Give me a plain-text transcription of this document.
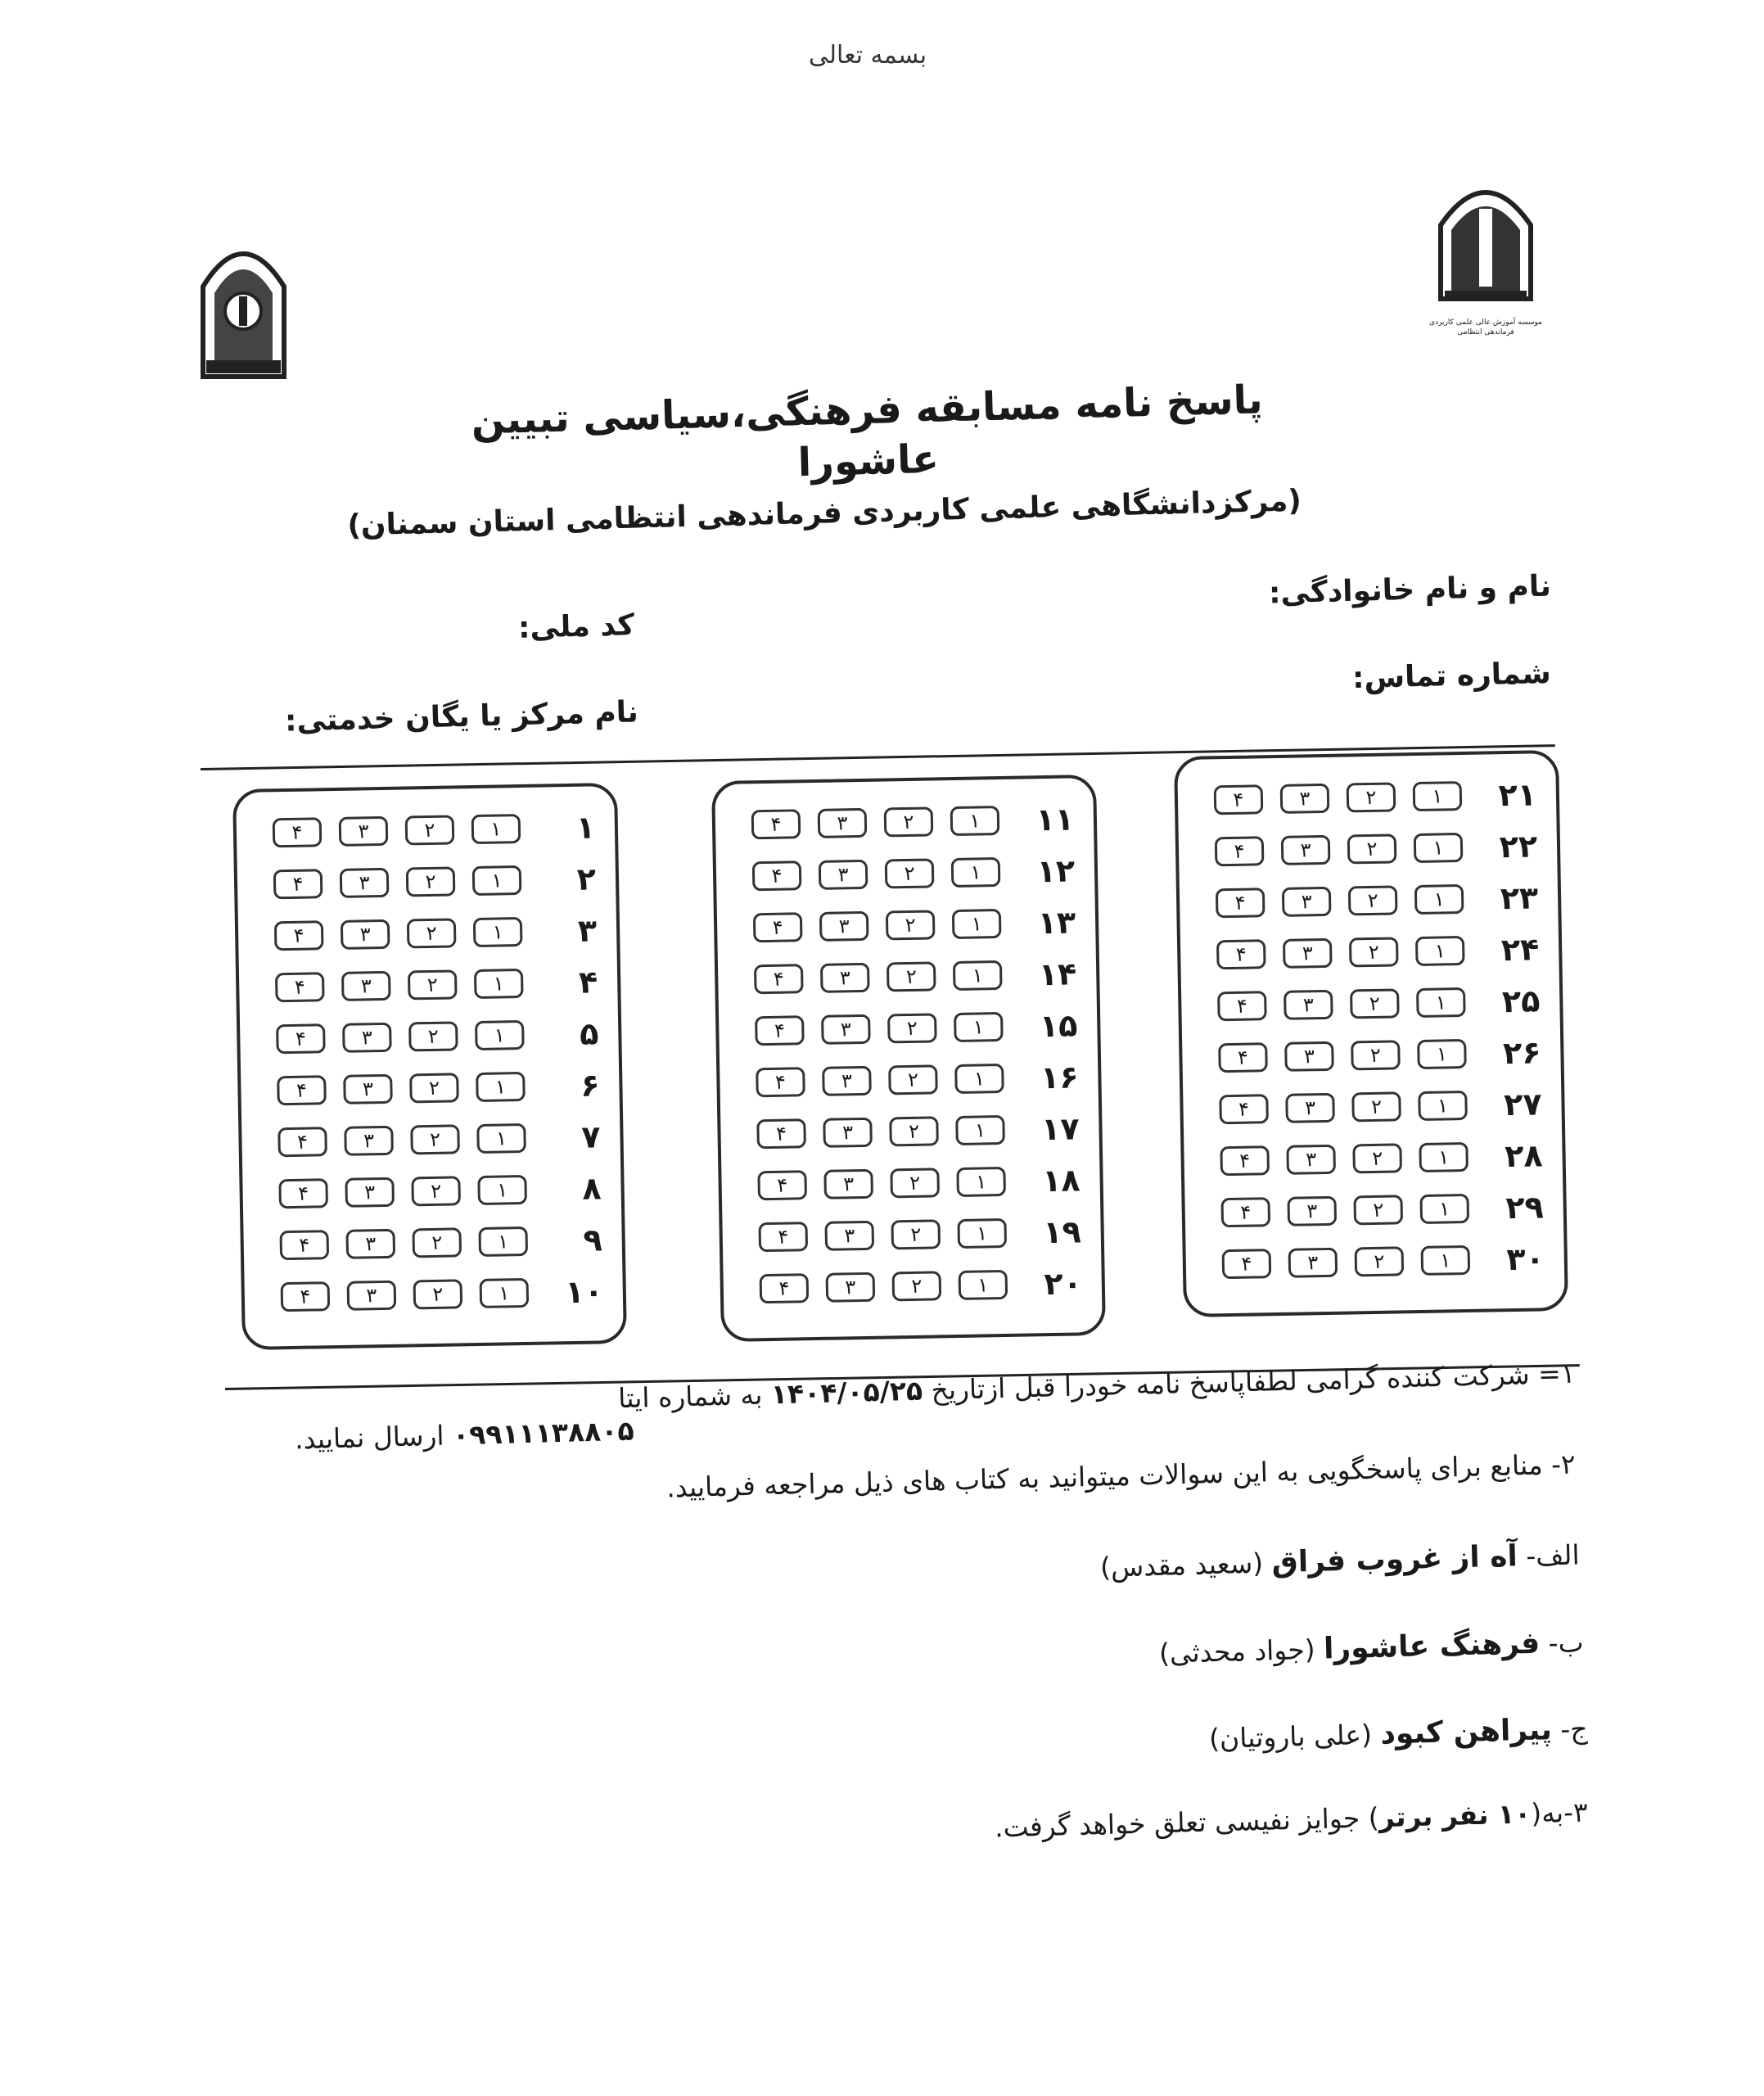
بسمه تعالی
موسسه آموزش عالی علمی کاربردی فرماندهی انتظامی
پاسخ نامه مسابقه فرهنگی،سیاسی تبیین عاشورا
(مرکزدانشگاهی علمی کاربردی فرماندهی انتظامی استان سمنان)
نام و نام خانوادگی:
کد ملی:
شماره تماس:
نام مرکز یا یگان خدمتی:
۱
۱
۲
۳
۴
۲
۱
۲
۳
۴
۳
۱
۲
۳
۴
۴
۱
۲
۳
۴
۵
۱
۲
۳
۴
۶
۱
۲
۳
۴
۷
۱
۲
۳
۴
۸
۱
۲
۳
۴
۹
۱
۲
۳
۴
۱۰
۱
۲
۳
۴
۱۱
۱
۲
۳
۴
۱۲
۱
۲
۳
۴
۱۳
۱
۲
۳
۴
۱۴
۱
۲
۳
۴
۱۵
۱
۲
۳
۴
۱۶
۱
۲
۳
۴
۱۷
۱
۲
۳
۴
۱۸
۱
۲
۳
۴
۱۹
۱
۲
۳
۴
۲۰
۱
۲
۳
۴
۲۱
۱
۲
۳
۴
۲۲
۱
۲
۳
۴
۲۳
۱
۲
۳
۴
۲۴
۱
۲
۳
۴
۲۵
۱
۲
۳
۴
۲۶
۱
۲
۳
۴
۲۷
۱
۲
۳
۴
۲۸
۱
۲
۳
۴
۲۹
۱
۲
۳
۴
۳۰
۱
۲
۳
۴
۱= شرکت کننده گرامی لطفاپاسخ نامه خودرا قبل ازتاریخ ۱۴۰۴/۰۵/۲۵ به شماره ایتا
۰۹۹۱۱۱۳۸۸۰۵ ارسال نمایید.
۲- منابع برای پاسخگویی به این سوالات میتوانید به کتاب های ذیل مراجعه فرمایید.
الف- آه از غروب فراق (سعید مقدس)
ب- فرهنگ عاشورا (جواد محدثی)
ج- پیراهن کبود (علی باروتیان)
۳-به(۱۰ نفر برتر) جوایز نفیسی تعلق خواهد گرفت.
